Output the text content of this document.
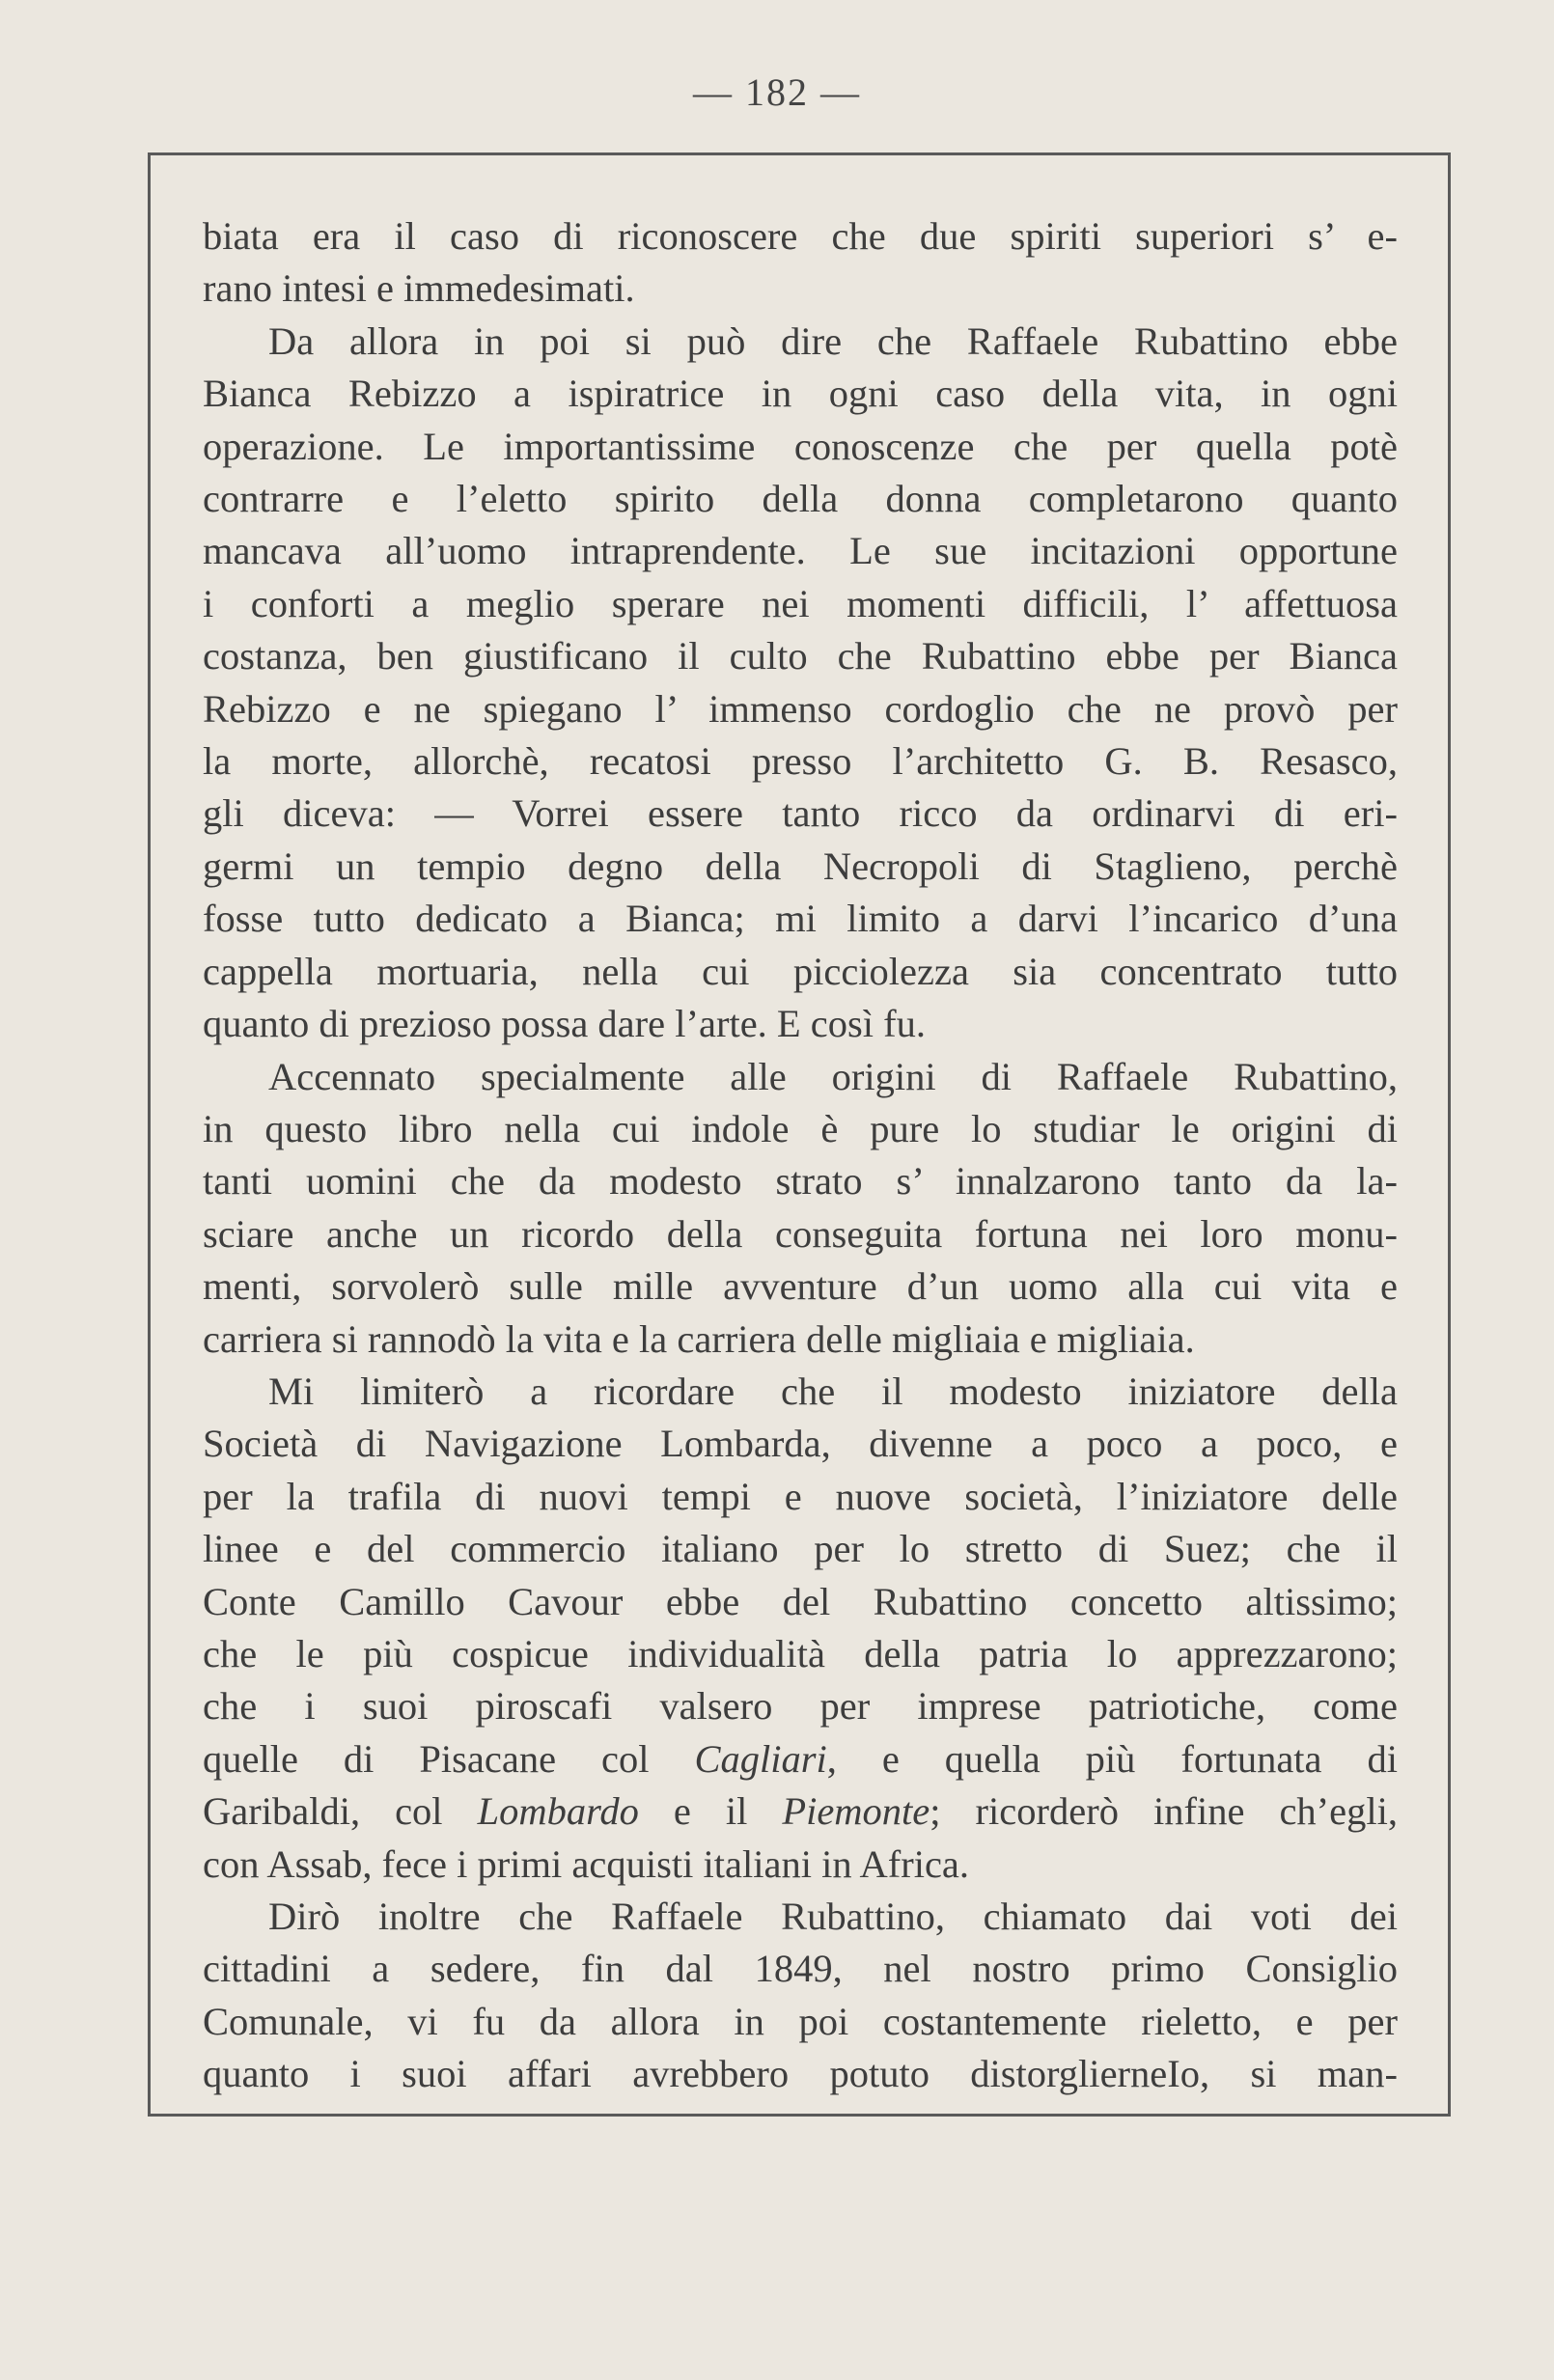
— 182 —
biata era il caso di riconoscere che due spiriti superiori s’ e-
rano intesi e immedesimati.
Da allora in poi si può dire che Raffaele Rubattino ebbe
Bianca Rebizzo a ispiratrice in ogni caso della vita, in ogni
operazione. Le importantissime conoscenze che per quella potè
contrarre e l’eletto spirito della donna completarono quanto
mancava all’uomo intraprendente. Le sue incitazioni opportune
i conforti a meglio sperare nei momenti difficili, l’ affettuosa
costanza, ben giustificano il culto che Rubattino ebbe per Bianca
Rebizzo e ne spiegano l’ immenso cordoglio che ne provò per
la morte, allorchè, recatosi presso l’architetto G. B. Resasco,
gli diceva: — Vorrei essere tanto ricco da ordinarvi di eri-
germi un tempio degno della Necropoli di Staglieno, perchè
fosse tutto dedicato a Bianca; mi limito a darvi l’incarico d’una
cappella mortuaria, nella cui picciolezza sia concentrato tutto
quanto di prezioso possa dare l’arte. E così fu.
Accennato specialmente alle origini di Raffaele Rubattino,
in questo libro nella cui indole è pure lo studiar le origini di
tanti uomini che da modesto strato s’ innalzarono tanto da la-
sciare anche un ricordo della conseguita fortuna nei loro monu-
menti, sorvolerò sulle mille avventure d’un uomo alla cui vita e
carriera si rannodò la vita e la carriera delle migliaia e migliaia.
Mi limiterò a ricordare che il modesto iniziatore della
Società di Navigazione Lombarda, divenne a poco a poco, e
per la trafila di nuovi tempi e nuove società, l’iniziatore delle
linee e del commercio italiano per lo stretto di Suez; che il
Conte Camillo Cavour ebbe del Rubattino concetto altissimo;
che le più cospicue individualità della patria lo apprezzarono;
che i suoi piroscafi valsero per imprese patriotiche, come
quelle di Pisacane col Cagliari, e quella più fortunata di
Garibaldi, col Lombardo e il Piemonte; ricorderò infine ch’egli,
con Assab, fece i primi acquisti italiani in Africa.
Dirò inoltre che Raffaele Rubattino, chiamato dai voti dei
cittadini a sedere, fin dal 1849, nel nostro primo Consiglio
Comunale, vi fu da allora in poi costantemente rieletto, e per
quanto i suoi affari avrebbero potuto distorglierneIo, si man-
